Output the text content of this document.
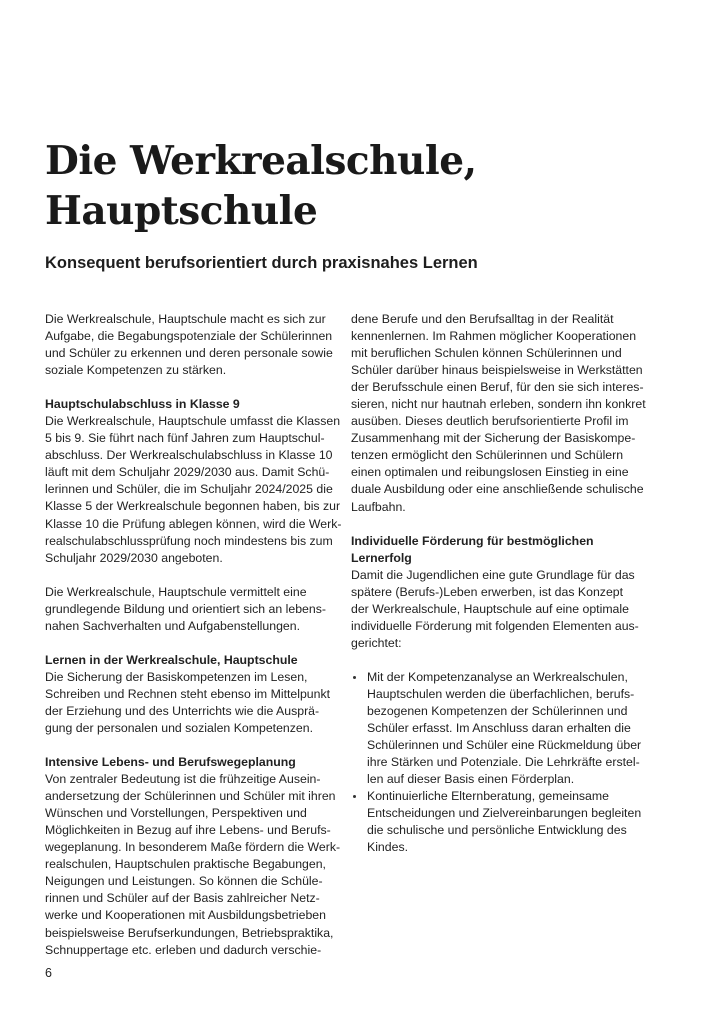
Die Werkrealschule,
Hauptschule
Konsequent berufsorientiert durch praxisnahes Lernen
Die Werkrealschule, Hauptschule macht es sich zur
Aufgabe, die Begabungspotenziale der Schülerinnen
und Schüler zu erkennen und deren personale sowie
soziale Kompetenzen zu stärken.
Hauptschulabschluss in Klasse 9
Die Werkrealschule, Hauptschule umfasst die Klassen
5 bis 9. Sie führt nach fünf Jahren zum Hauptschul-
abschluss. Der Werkrealschulabschluss in Klasse 10
läuft mit dem Schuljahr 2029/2030 aus. Damit Schü-
lerinnen und Schüler, die im Schuljahr 2024/2025 die
Klasse 5 der Werkrealschule begonnen haben, bis zur
Klasse 10 die Prüfung ablegen können, wird die Werk-
realschulabschlussprüfung noch mindestens bis zum
Schuljahr 2029/2030 angeboten.
Die Werkrealschule, Hauptschule vermittelt eine
grundlegende Bildung und orientiert sich an lebens-
nahen Sachverhalten und Aufgabenstellungen.
Lernen in der Werkrealschule, Hauptschule
Die Sicherung der Basiskompetenzen im Lesen,
Schreiben und Rechnen steht ebenso im Mittelpunkt
der Erziehung und des Unterrichts wie die Ausprä-
gung der personalen und sozialen Kompetenzen.
Intensive Lebens- und Berufswegeplanung
Von zentraler Bedeutung ist die frühzeitige Ausein-
andersetzung der Schülerinnen und Schüler mit ihren
Wünschen und Vorstellungen, Perspektiven und
Möglichkeiten in Bezug auf ihre Lebens- und Berufs-
wegeplanung. In besonderem Maße fördern die Werk-
realschulen, Hauptschulen praktische Begabungen,
Neigungen und Leistungen. So können die Schüle-
rinnen und Schüler auf der Basis zahlreicher Netz-
werke und Kooperationen mit Ausbildungsbetrieben
beispielsweise Berufserkundungen, Betriebspraktika,
Schnuppertage etc. erleben und dadurch verschie-
dene Berufe und den Berufsalltag in der Realität
kennenlernen. Im Rahmen möglicher Kooperationen
mit beruflichen Schulen können Schülerinnen und
Schüler darüber hinaus beispielsweise in Werkstätten
der Berufsschule einen Beruf, für den sie sich interes-
sieren, nicht nur hautnah erleben, sondern ihn konkret
ausüben. Dieses deutlich berufsorientierte Profil im
Zusammenhang mit der Sicherung der Basiskompe-
tenzen ermöglicht den Schülerinnen und Schülern
einen optimalen und reibungslosen Einstieg in eine
duale Ausbildung oder eine anschließende schulische
Laufbahn.
Individuelle Förderung für bestmöglichen
Lernerfolg
Damit die Jugendlichen eine gute Grundlage für das
spätere (Berufs-)Leben erwerben, ist das Konzept
der Werkrealschule, Hauptschule auf eine optimale
individuelle Förderung mit folgenden Elementen aus-
gerichtet:
Mit der Kompetenzanalyse an Werkrealschulen,
Hauptschulen werden die überfachlichen, berufs-
bezogenen Kompetenzen der Schülerinnen und
Schüler erfasst. Im Anschluss daran erhalten die
Schülerinnen und Schüler eine Rückmeldung über
ihre Stärken und Potenziale. Die Lehrkräfte erstel-
len auf dieser Basis einen Förderplan.
Kontinuierliche Elternberatung, gemeinsame
Entscheidungen und Zielvereinbarungen begleiten
die schulische und persönliche Entwicklung des
Kindes.
6
